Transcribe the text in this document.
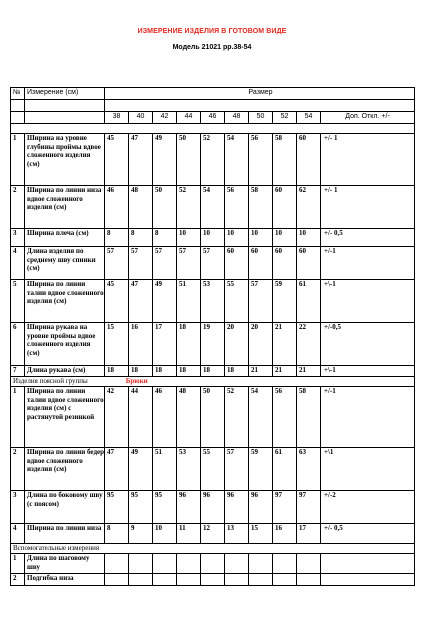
ИЗМЕРЕНИЕ ИЗДЕЛИЯ В ГОТОВОМ ВИДЕ
Модель 21021 рр.38-54
№	Измерение (см)	Размер									

		38	40	42	44	46	48	50	52	54	Доп. Откл. +/-

1	Ширина на уровне глубины проймы вдвое сложенного изделия (см)	45	47	49	50	52	54	56	58	60	+/- 1
2	Ширина по линии низа вдвое сложенного изделия (см)	46	48	50	52	54	56	58	60	62	+/- 1
3	Ширина плеча (см)	8	8	8	10	10	10	10	10	10	+/- 0,5
4	Длина изделия по среднему шву спинки (см)	57	57	57	57	57	60	60	60	60	+/-1
5	Ширина по линии талии вдвое сложенного изделия (см)	45	47	49	51	53	55	57	59	61	+\-1
6	Ширина рукава на уровне проймы вдвое сложенного изделия (см)	15	16	17	18	19	20	20	21	22	+/-0,5
7	Длина рукава (см)	18	18	18	18	18	18	21	21	21	+\-1
Изделия поясной группы Брюки											
1	Ширина по линии талии вдвое сложенного изделия (см) с растянутой резинкой	42	44	46	48	50	52	54	56	58	+/-1
2	Ширина по линии бедер вдвое сложенного изделия (см)	47	49	51	53	55	57	59	61	63	+\1
3	Длина по боковому шву (с поясом)	95	95	95	96	96	96	96	97	97	+/-2
4	Ширина по линии низа	8	9	10	11	12	13	15	16	17	+/- 0,5
Вспомогательные измерения											
1	Длина по шаговому шву										
2	Подгибка низа										
